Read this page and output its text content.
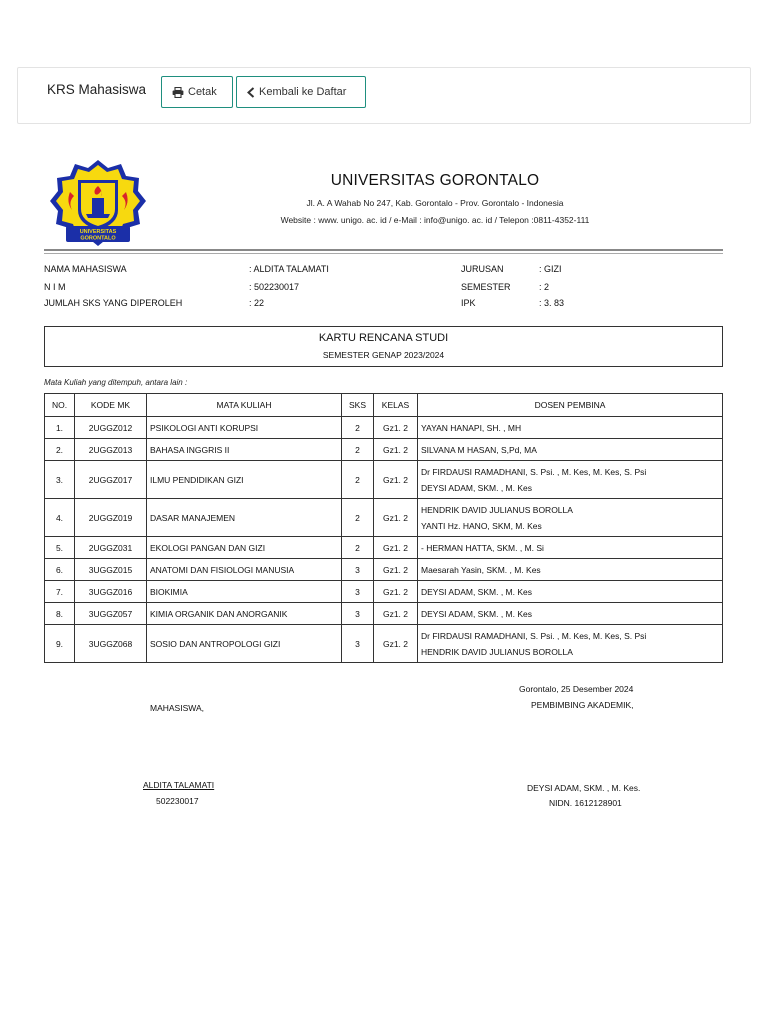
KRS Mahasiswa	Cetak	Kembali ke Daftar
UNIVERSITAS
GORONTALO
UNIVERSITAS GORONTALO
Jl. A. A Wahab No 247, Kab. Gorontalo - Prov. Gorontalo - Indonesia
Website : www. unigo. ac. id / e-Mail : info@unigo. ac. id / Telepon :0811-4352-111
NAMA MAHASISWA	: ALDITA TALAMATI
N I M	: 502230017
JUMLAH SKS YANG DIPEROLEH	: 22
JURUSAN	: GIZI
SEMESTER	: 2
IPK	: 3. 83
KARTU RENCANA STUDI
SEMESTER GENAP 2023/2024
Mata Kuliah yang ditempuh, antara lain :
NO.	KODE MK	MATA KULIAH	SKS	KELAS	DOSEN PEMBINA
1.	2UGGZ012	PSIKOLOGI ANTI KORUPSI	2	Gz1. 2	YAYAN HANAPI, SH. , MH

2.	2UGGZ013	BAHASA INGGRIS II	2	Gz1. 2	SILVANA M HASAN, S,Pd, MA

3.	2UGGZ017	ILMU PENDIDIKAN GIZI	2	Gz1. 2	Dr FIRDAUSI RAMADHANI, S. Psi. , M. Kes, M. Kes, S. Psi
DEYSI ADAM, SKM. , M. Kes

4.	2UGGZ019	DASAR MANAJEMEN	2	Gz1. 2	HENDRIK DAVID JULIANUS BOROLLA
YANTI Hz. HANO, SKM, M. Kes

5.	2UGGZ031	EKOLOGI PANGAN DAN GIZI	2	Gz1. 2	- HERMAN HATTA, SKM. , M. Si

6.	3UGGZ015	ANATOMI DAN FISIOLOGI MANUSIA	3	Gz1. 2	Maesarah Yasin, SKM. , M. Kes

7.	3UGGZ016	BIOKIMIA	3	Gz1. 2	DEYSI ADAM, SKM. , M. Kes

8.	3UGGZ057	KIMIA ORGANIK DAN ANORGANIK	3	Gz1. 2	DEYSI ADAM, SKM. , M. Kes

9.	3UGGZ068	SOSIO DAN ANTROPOLOGI GIZI	3	Gz1. 2	Dr FIRDAUSI RAMADHANI, S. Psi. , M. Kes, M. Kes, S. Psi
HENDRIK DAVID JULIANUS BOROLLA
Gorontalo, 25 Desember 2024
MAHASISWA,	PEMBIMBING AKADEMIK,
ALDITA TALAMATI
502230017
DEYSI ADAM, SKM. , M. Kes.
NIDN. 1612128901
